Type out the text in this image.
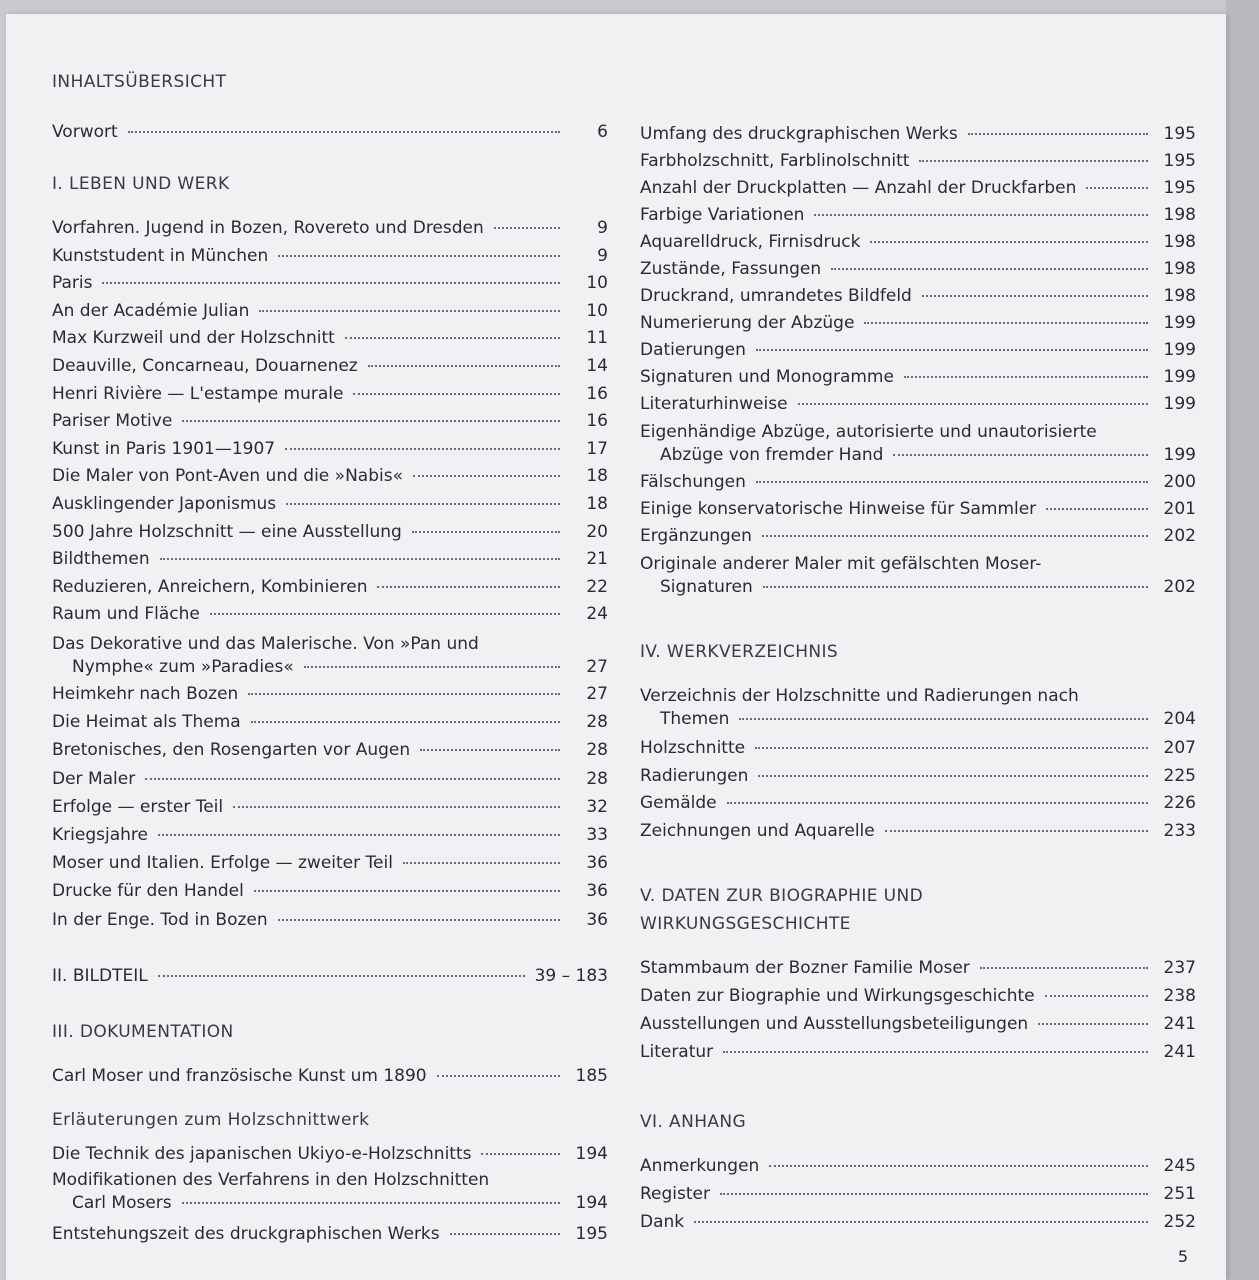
INHALTSÜBERSICHT
Vorwort	6
I. LEBEN UND WERK
Vorfahren. Jugend in Bozen, Rovereto und Dresden	9
Kunststudent in München	9
Paris	10
An der Académie Julian	10
Max Kurzweil und der Holzschnitt	11
Deauville, Concarneau, Douarnenez	14
Henri Rivière — L'estampe murale	16
Pariser Motive	16
Kunst in Paris 1901—1907	17
Die Maler von Pont-Aven und die »Nabis«	18
Ausklingender Japonismus	18
500 Jahre Holzschnitt — eine Ausstellung	20
Bildthemen	21
Reduzieren, Anreichern, Kombinieren	22
Raum und Fläche	24
Das Dekorative und das Malerische. Von »Pan und
Nymphe« zum »Paradies«	27
Heimkehr nach Bozen	27
Die Heimat als Thema	28
Bretonisches, den Rosengarten vor Augen	28
Der Maler	28
Erfolge — erster Teil	32
Kriegsjahre	33
Moser und Italien. Erfolge — zweiter Teil	36
Drucke für den Handel	36
In der Enge. Tod in Bozen	36
II. BILDTEIL	39 – 183
III. DOKUMENTATION
Carl Moser und französische Kunst um 1890	185
Erläuterungen zum Holzschnittwerk
Die Technik des japanischen Ukiyo-e-Holzschnitts	194
Modifikationen des Verfahrens in den Holzschnitten
Carl Mosers	194
Entstehungszeit des druckgraphischen Werks	195
Umfang des druckgraphischen Werks	195
Farbholzschnitt, Farblinolschnitt	195
Anzahl der Druckplatten — Anzahl der Druckfarben	195
Farbige Variationen	198
Aquarelldruck, Firnisdruck	198
Zustände, Fassungen	198
Druckrand, umrandetes Bildfeld	198
Numerierung der Abzüge	199
Datierungen	199
Signaturen und Monogramme	199
Literaturhinweise	199
Eigenhändige Abzüge, autorisierte und unautorisierte
Abzüge von fremder Hand	199
Fälschungen	200
Einige konservatorische Hinweise für Sammler	201
Ergänzungen	202
Originale anderer Maler mit gefälschten Moser-
Signaturen	202
IV. WERKVERZEICHNIS
Verzeichnis der Holzschnitte und Radierungen nach
Themen	204
Holzschnitte	207
Radierungen	225
Gemälde	226
Zeichnungen und Aquarelle	233
V. DATEN ZUR BIOGRAPHIE UND
WIRKUNGSGESCHICHTE
Stammbaum der Bozner Familie Moser	237
Daten zur Biographie und Wirkungsgeschichte	238
Ausstellungen und Ausstellungsbeteiligungen	241
Literatur	241
VI. ANHANG
Anmerkungen	245
Register	251
Dank	252
5
